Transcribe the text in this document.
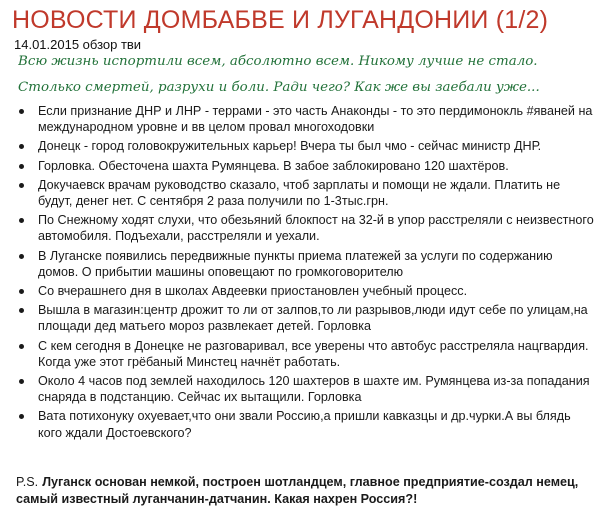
НОВОСТИ ДОМБАБВЕ И ЛУГАНДОНИИ (1/2)
14.01.2015 обзор тви
Всю жизнь испортили всем, абсолютно всем. Никому лучше не стало.
Столько смертей, разрухи и боли. Ради чего? Как же вы заебали уже...
Если признание ДНР и ЛНР - террами - это часть Анаконды - то это пердимонокль #яваней на международном уровне и вв целом провал многоходовки
Донецк - город головокружительных карьер! Вчера ты был чмо - сейчас министр ДНР.
Горловка. Обесточена шахта Румянцева. В забое заблокировано 120 шахтёров.
Докучаевск врачам руководство сказало, чтоб зарплаты и помощи не ждали. Платить не будут, денег нет. С сентября 2 раза получили по 1-3тыс.грн.
По Снежному ходят слухи, что обезьяний блокпост на 32-й в упор расстреляли с неизвестного автомобиля. Подъехали, расстреляли и уехали.
В Луганске появились передвижные пункты приема платежей за услуги по содержанию домов. О прибытии машины оповещают по громкоговорителю
Со вчерашнего дня в школах Авдеевки приостановлен учебный процесс.
Вышла в магазин:центр дрожит то ли от залпов,то ли разрывов,люди идут себе по улицам,на площади дед матьего мороз развлекает детей. Горловка
С кем сегодня в Донецке не разговаривал, все уверены что автобус расстреляла нацгвардия. Когда уже этот грёбаный Минстец начнёт работать.
Около 4 часов под землей находилось 120 шахтеров в шахте им. Румянцева из-за попадания снаряда в подстанцию. Сейчас их вытащили. Горловка
Вата потихонуку охуевает,что они звали Россию,а пришли кавказцы и др.чурки.А вы блядь кого ждали Достоевского?
P.S. Луганск основан немкой, построен шотландцем, главное предприятие-создал немец, самый известный луганчанин-датчанин. Какая нахрен Россия?!
